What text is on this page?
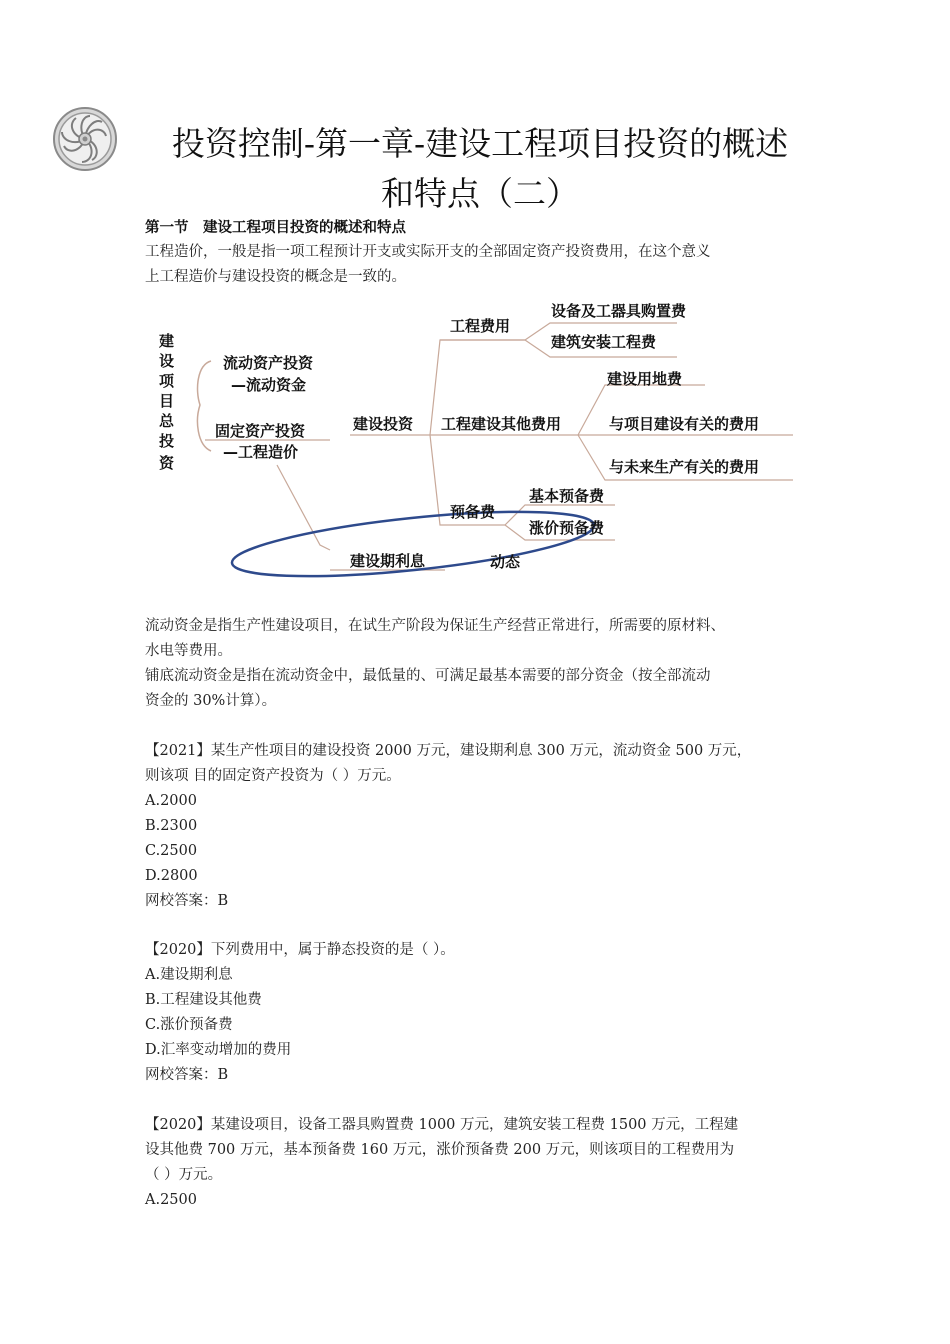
投资控制-第一章-建设工程项目投资的概述
和特点（二）
第一节　建设工程项目投资的概述和特点
工程造价，一般是指一项工程预计开支或实际开支的全部固定资产投资费用，在这个意义
上工程造价与建设投资的概念是一致的。
建
设
项
目
总
投
资
流动资产投资
—流动资金
固定资产投资
—工程造价
建设投资
工程费用
设备及工器具购置费
建筑安装工程费
工程建设其他费用
建设用地费
与项目建设有关的费用
与未来生产有关的费用
预备费
基本预备费
涨价预备费
建设期利息	动态
流动资金是指生产性建设项目，在试生产阶段为保证生产经营正常进行，所需要的原材料、
水电等费用。
铺底流动资金是指在流动资金中，最低量的、可满足最基本需要的部分资金（按全部流动
资金的 30%计算）。
【2021】某生产性项目的建设投资 2000 万元，建设期利息 300 万元，流动资金 500 万元，
则该项 目的固定资产投资为（ ）万元。
A.2000
B.2300
C.2500
D.2800
网校答案：B
【2020】下列费用中，属于静态投资的是（ ）。
A.建设期利息
B.工程建设其他费
C.涨价预备费
D.汇率变动增加的费用
网校答案：B
【2020】某建设项目，设备工器具购置费 1000 万元，建筑安装工程费 1500 万元，工程建
设其他费 700 万元，基本预备费 160 万元，涨价预备费 200 万元，则该项目的工程费用为
（ ）万元。
A.2500
